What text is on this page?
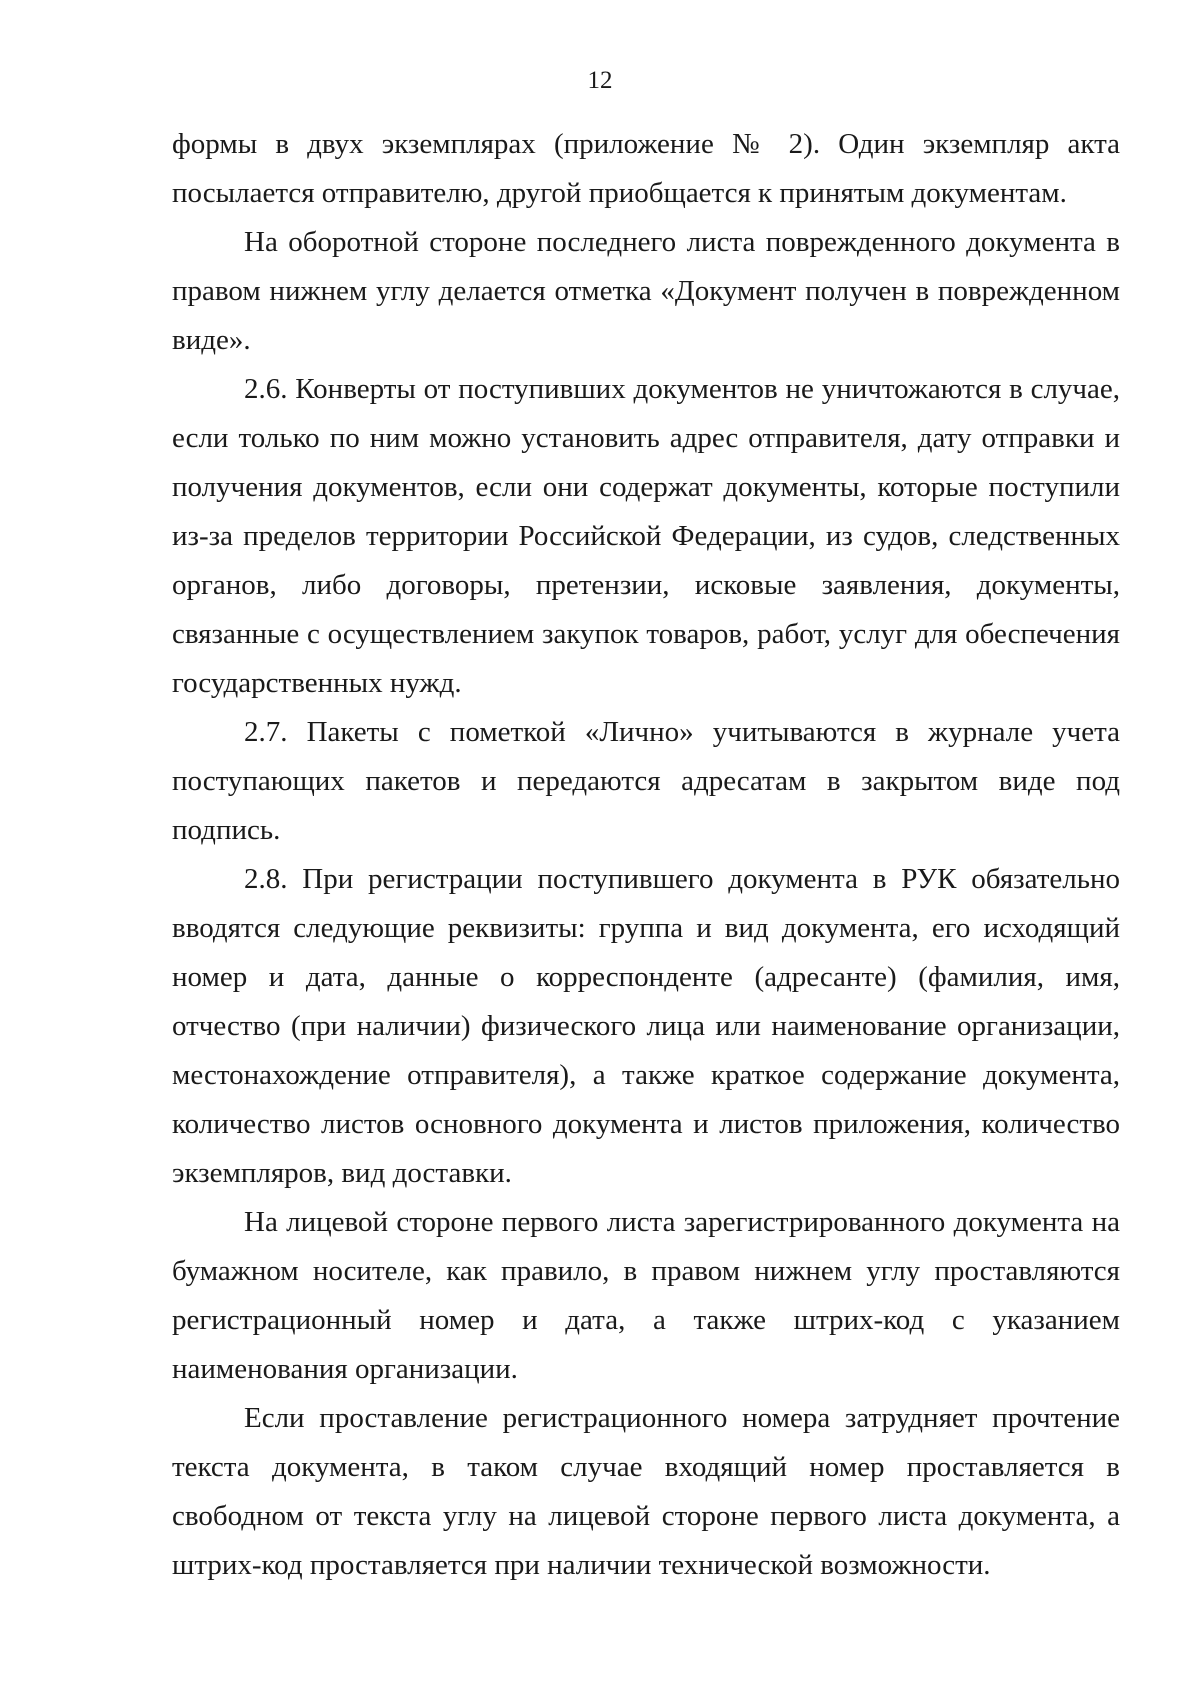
12

формы в двух экземплярах (приложение № 2). Один экземпляр акта посылается отправителю, другой приобщается к принятым документам.

На оборотной стороне последнего листа поврежденного документа в правом нижнем углу делается отметка «Документ получен в поврежденном виде».

2.6. Конверты от поступивших документов не уничтожаются в случае, если только по ним можно установить адрес отправителя, дату отправки и получения документов, если они содержат документы, которые поступили из-за пределов территории Российской Федерации, из судов, следственных органов, либо договоры, претензии, исковые заявления, документы, связанные с осуществлением закупок товаров, работ, услуг для обеспечения государственных нужд.

2.7. Пакеты с пометкой «Лично» учитываются в журнале учета поступающих пакетов и передаются адресатам в закрытом виде под подпись.

2.8. При регистрации поступившего документа в РУК обязательно вводятся следующие реквизиты: группа и вид документа, его исходящий номер и дата, данные о корреспонденте (адресанте) (фамилия, имя, отчество (при наличии) физического лица или наименование организации, местонахождение отправителя), а также краткое содержание документа, количество листов основного документа и листов приложения, количество экземпляров, вид доставки.

На лицевой стороне первого листа зарегистрированного документа на бумажном носителе, как правило, в правом нижнем углу проставляются регистрационный номер и дата, а также штрих-код с указанием наименования организации.

Если проставление регистрационного номера затрудняет прочтение текста документа, в таком случае входящий номер проставляется в свободном от текста углу на лицевой стороне первого листа документа, а штрих-код проставляется при наличии технической возможности.
